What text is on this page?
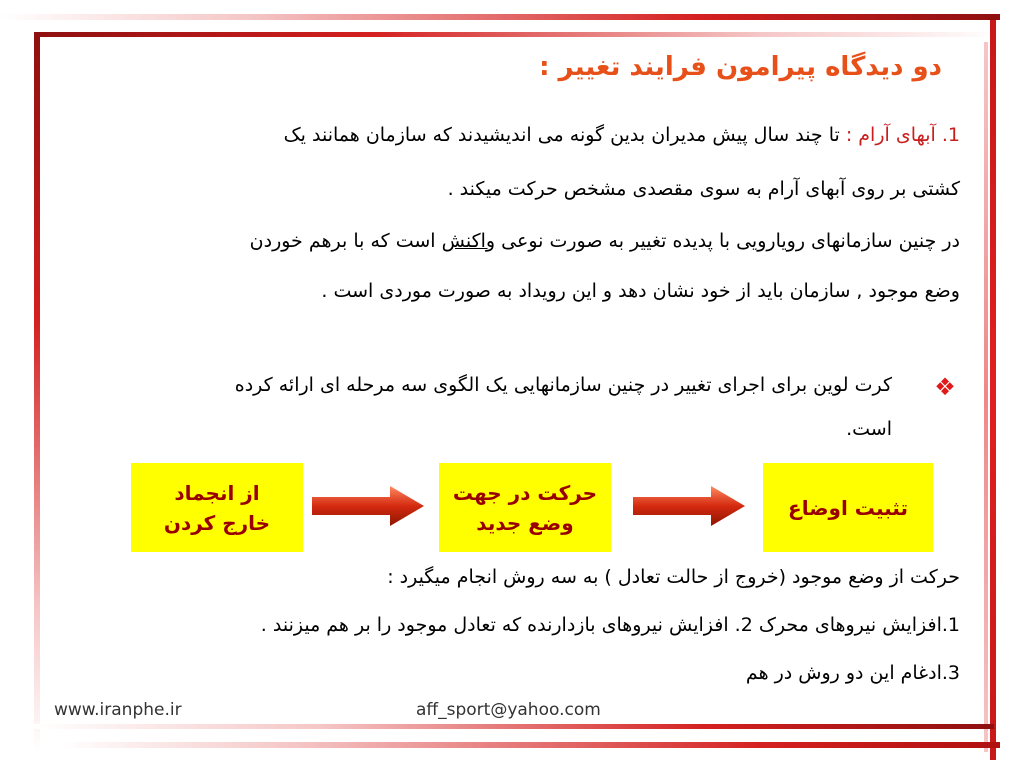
دو دیدگاه پیرامون فرایند تغییر :
1. آبهای آرام : تا چند سال پیش مدیران بدین گونه می اندیشیدند که سازمان همانند یک
کشتی بر روی آبهای آرام به سوی مقصدی مشخص حرکت میکند .
در چنین سازمانهای رویارویی با پدیده تغییر به صورت نوعی واکنش است که با برهم خوردن
وضع موجود , سازمان باید از خود نشان دهد و این رویداد به صورت موردی است .
❖
کرت لوین برای اجرای تغییر در چنین سازمانهایی یک الگوی سه مرحله ای ارائه کرده
است.
از انجماد
خارج کردن
حرکت در جهت
وضع جدید
تثبیت اوضاع
حرکت از وضع موجود (خروج از حالت تعادل ) به سه روش انجام میگیرد :
1.افزایش نیروهای محرک 2. افزایش نیروهای بازدارنده که تعادل موجود را بر هم میزنند .
3.ادغام این دو روش در هم
www.iranphe.ir	aff_sport@yahoo.com
